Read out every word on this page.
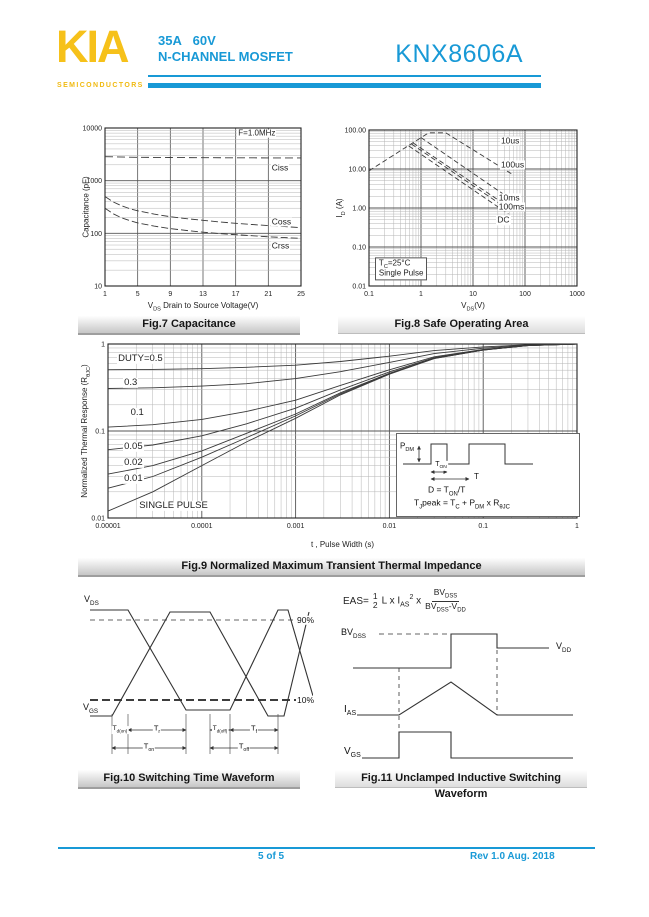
KIA
SEMICONDUCTORS
35A   60V
N-CHANNEL MOSFET	KNX8606A
1	5	9	13	17	21	25
10
100
1000
10000	F=1.0MHz
Ciss
Coss
Crss
$V_{DS}$ Drain to Source Voltage(V)
Capacitance (pF)
0.1	1	10	100	1000
0.01
0.10
1.00
10.00
100.00
10us
100us
10ms
100ms
DC
$T_C=25^\circ C$
Single Pulse
$V_{DS}(V)$
$I_D$ (A)
Fig.7 Capacitance	Fig.8 Safe Operating Area
$P_{DM}$
$T_{ON}$
T
$D = T_{ON}/T$
$T_Jpeak = T_C + P_{DM}$ x $R_{\theta JC}$
0.00001	0.0001	0.001	0.01	0.1	1
0.01
0.1
1
DUTY=0.5
0.3
0.1
0.05
0.02
0.01
SINGLE PULSE
t , Pulse Width (s)
Normalized Thermal Response $(R_{\theta JC})$
Fig.9 Normalized Maximum Transient Thermal Impedance
$V_{DS}$
$V_{GS}$
90%
10%
$T_{d(on)}$	$T_r$
$T_{d(off)}$	$T_f$
$T_{on}$	$T_{off}$
EAS= 1
2 L x $I_{AS}^2$ x
$BV_{DSS}$
$BV_{DSS}-V_{DD}$
$BV_{DSS}$
$V_{DD}$
$I_{AS}$
$V_{GS}$
Fig.10 Switching Time Waveform	Fig.11 Unclamped Inductive Switching Waveform
5 of 5	Rev 1.0 Aug. 2018
